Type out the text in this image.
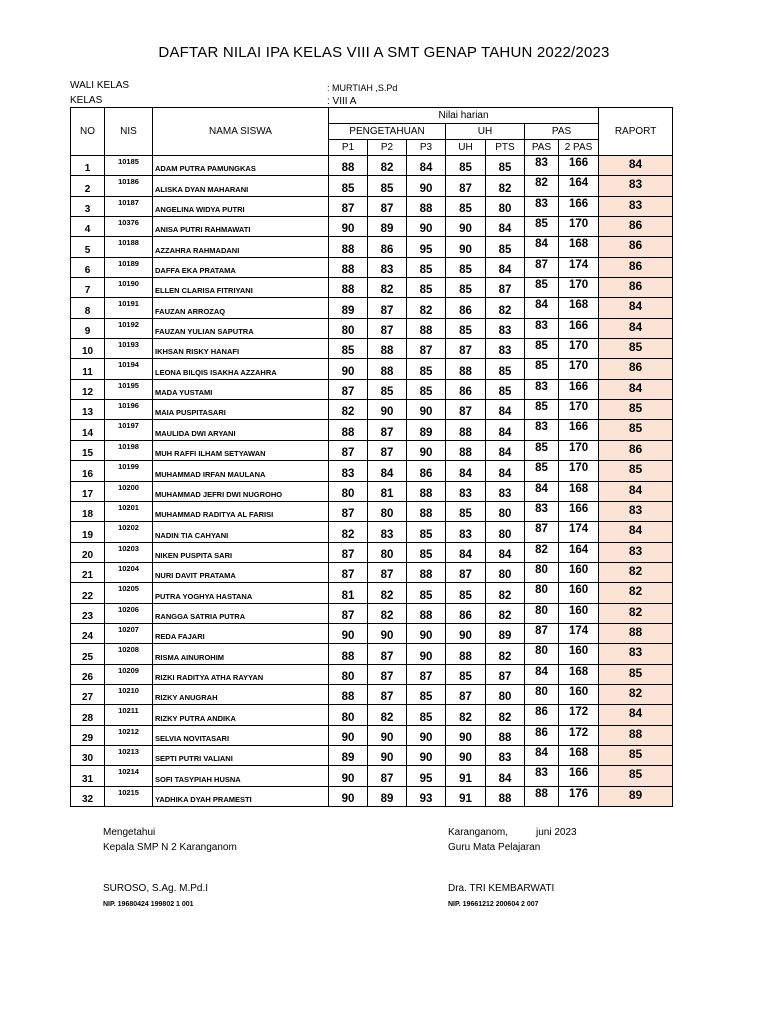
DAFTAR NILAI IPA KELAS VIII A SMT GENAP TAHUN 2022/2023
WALI KELAS	: MURTIAH ,S.Pd
KELAS	: VIII A
NO	NIS	NAMA SISWA	Nilai harian							RAPORT
			PENGETAHUAN			UH		PAS		
			P1	P2	P3	UH	PTS	PAS	2 PAS	
1	10185	ADAM PUTRA PAMUNGKAS	88	82	84	85	85	83	166	84
2	10186	ALISKA DYAN MAHARANI	85	85	90	87	82	82	164	83
3	10187	ANGELINA WIDYA PUTRI	87	87	88	85	80	83	166	83
4	10376	ANISA PUTRI RAHMAWATI	90	89	90	90	84	85	170	86
5	10188	AZZAHRA RAHMADANI	88	86	95	90	85	84	168	86
6	10189	DAFFA EKA PRATAMA	88	83	85	85	84	87	174	86
7	10190	ELLEN CLARISA FITRIYANI	88	82	85	85	87	85	170	86
8	10191	FAUZAN ARROZAQ	89	87	82	86	82	84	168	84
9	10192	FAUZAN YULIAN SAPUTRA	80	87	88	85	83	83	166	84
10	10193	IKHSAN RISKY HANAFI	85	88	87	87	83	85	170	85
11	10194	LEONA BILQIS ISAKHA AZZAHRA	90	88	85	88	85	85	170	86
12	10195	MADA YUSTAMI	87	85	85	86	85	83	166	84
13	10196	MAIA PUSPITASARI	82	90	90	87	84	85	170	85
14	10197	MAULIDA DWI ARYANI	88	87	89	88	84	83	166	85
15	10198	MUH RAFFI ILHAM SETYAWAN	87	87	90	88	84	85	170	86
16	10199	MUHAMMAD IRFAN MAULANA	83	84	86	84	84	85	170	85
17	10200	MUHAMMAD JEFRI DWI NUGROHO	80	81	88	83	83	84	168	84
18	10201	MUHAMMAD RADITYA AL FARISI	87	80	88	85	80	83	166	83
19	10202	NADIN TIA CAHYANI	82	83	85	83	80	87	174	84
20	10203	NIKEN PUSPITA SARI	87	80	85	84	84	82	164	83
21	10204	NURI DAVIT PRATAMA	87	87	88	87	80	80	160	82
22	10205	PUTRA YOGHYA HASTANA	81	82	85	85	82	80	160	82
23	10206	RANGGA SATRIA PUTRA	87	82	88	86	82	80	160	82
24	10207	REDA FAJARI	90	90	90	90	89	87	174	88
25	10208	RISMA AINUROHIM	88	87	90	88	82	80	160	83
26	10209	RIZKI RADITYA ATHA RAYYAN	80	87	87	85	87	84	168	85
27	10210	RIZKY ANUGRAH	88	87	85	87	80	80	160	82
28	10211	RIZKY PUTRA ANDIKA	80	82	85	82	82	86	172	84
29	10212	SELVIA NOVITASARI	90	90	90	90	88	86	172	88
30	10213	SEPTI PUTRI VALIANI	89	90	90	90	83	84	168	85
31	10214	SOFI TASYPIAH HUSNA	90	87	95	91	84	83	166	85
32	10215	YADHIKA DYAH PRAMESTI	90	89	93	91	88	88	176	89
Mengetahui
Kepala SMP N 2 Karanganom
SUROSO, S.Ag. M.Pd.I
NIP. 19680424 199802 1 001
Karanganom,	juni 2023
Guru Mata Pelajaran
Dra. TRI KEMBARWATI
NIP. 19661212 200604 2 007
